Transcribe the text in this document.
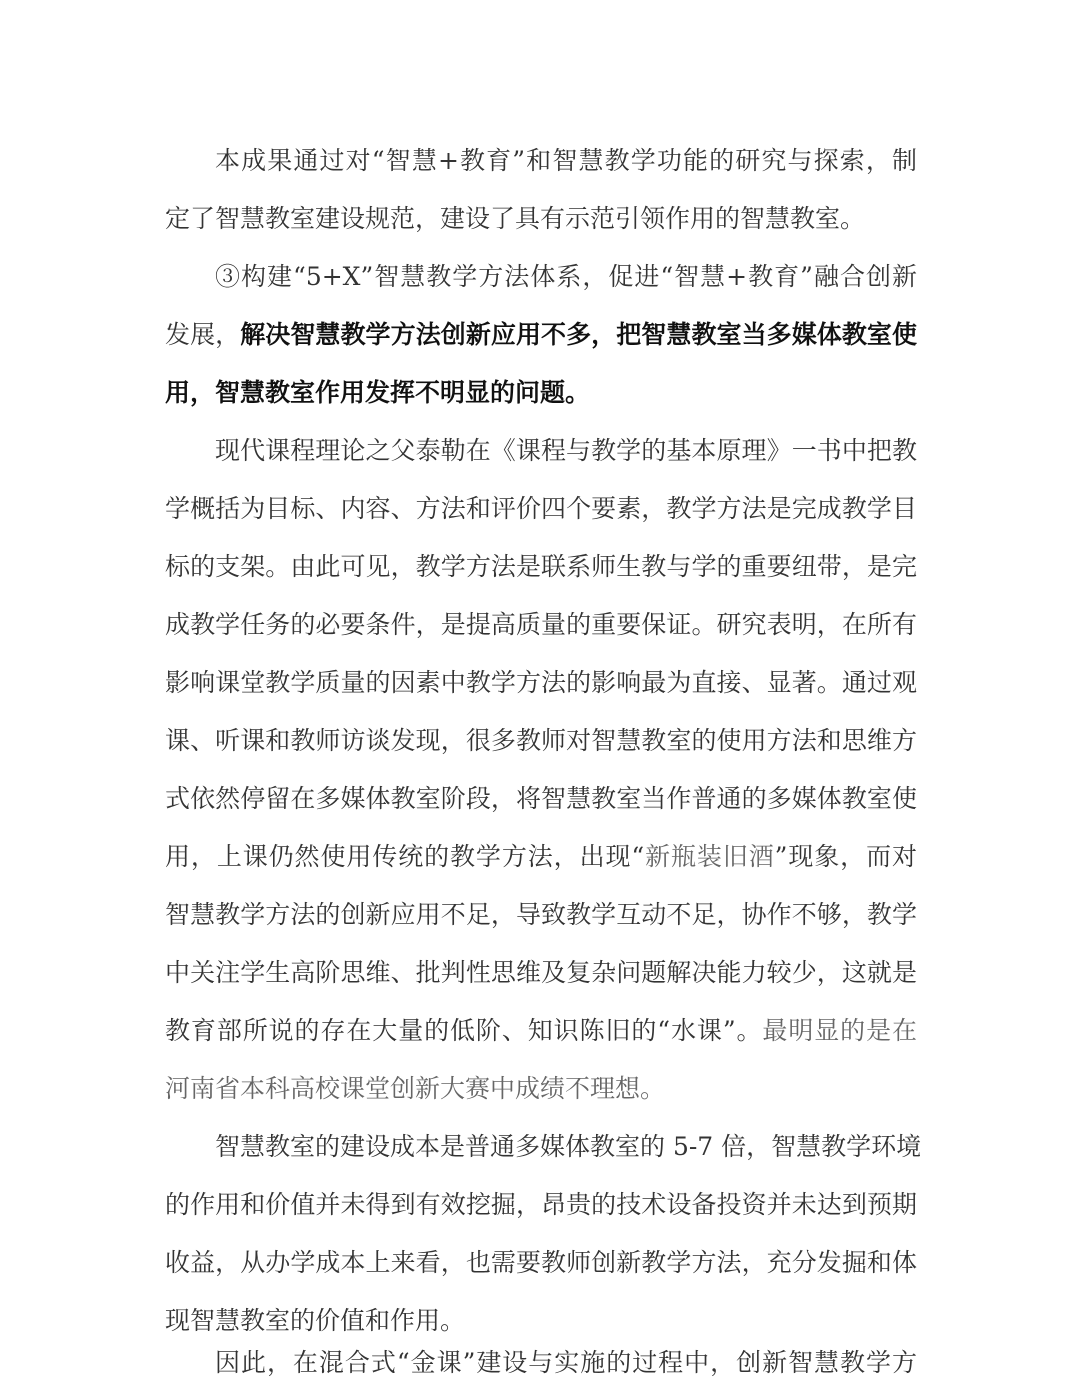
本成果通过对“智慧+教育”和智慧教学功能的研究与探索，制
定了智慧教室建设规范，建设了具有示范引领作用的智慧教室。
③构建“5+X”智慧教学方法体系，促进“智慧+教育”融合创新
发展，解决智慧教学方法创新应用不多，把智慧教室当多媒体教室使
用，智慧教室作用发挥不明显的问题。
现代课程理论之父泰勒在《课程与教学的基本原理》一书中把教
学概括为目标、内容、方法和评价四个要素，教学方法是完成教学目
标的支架。由此可见，教学方法是联系师生教与学的重要纽带，是完
成教学任务的必要条件，是提高质量的重要保证。研究表明，在所有
影响课堂教学质量的因素中教学方法的影响最为直接、显著。通过观
课、听课和教师访谈发现，很多教师对智慧教室的使用方法和思维方
式依然停留在多媒体教室阶段，将智慧教室当作普通的多媒体教室使
用，上课仍然使用传统的教学方法，出现“新瓶装旧酒”现象，而对
智慧教学方法的创新应用不足，导致教学互动不足，协作不够，教学
中关注学生高阶思维、批判性思维及复杂问题解决能力较少，这就是
教育部所说的存在大量的低阶、知识陈旧的“水课”。最明显的是在
河南省本科高校课堂创新大赛中成绩不理想。
智慧教室的建设成本是普通多媒体教室的 5-7 倍，智慧教学环境
的作用和价值并未得到有效挖掘，昂贵的技术设备投资并未达到预期
收益，从办学成本上来看，也需要教师创新教学方法，充分发掘和体
现智慧教室的价值和作用。
因此，在混合式“金课”建设与实施的过程中，创新智慧教学方
